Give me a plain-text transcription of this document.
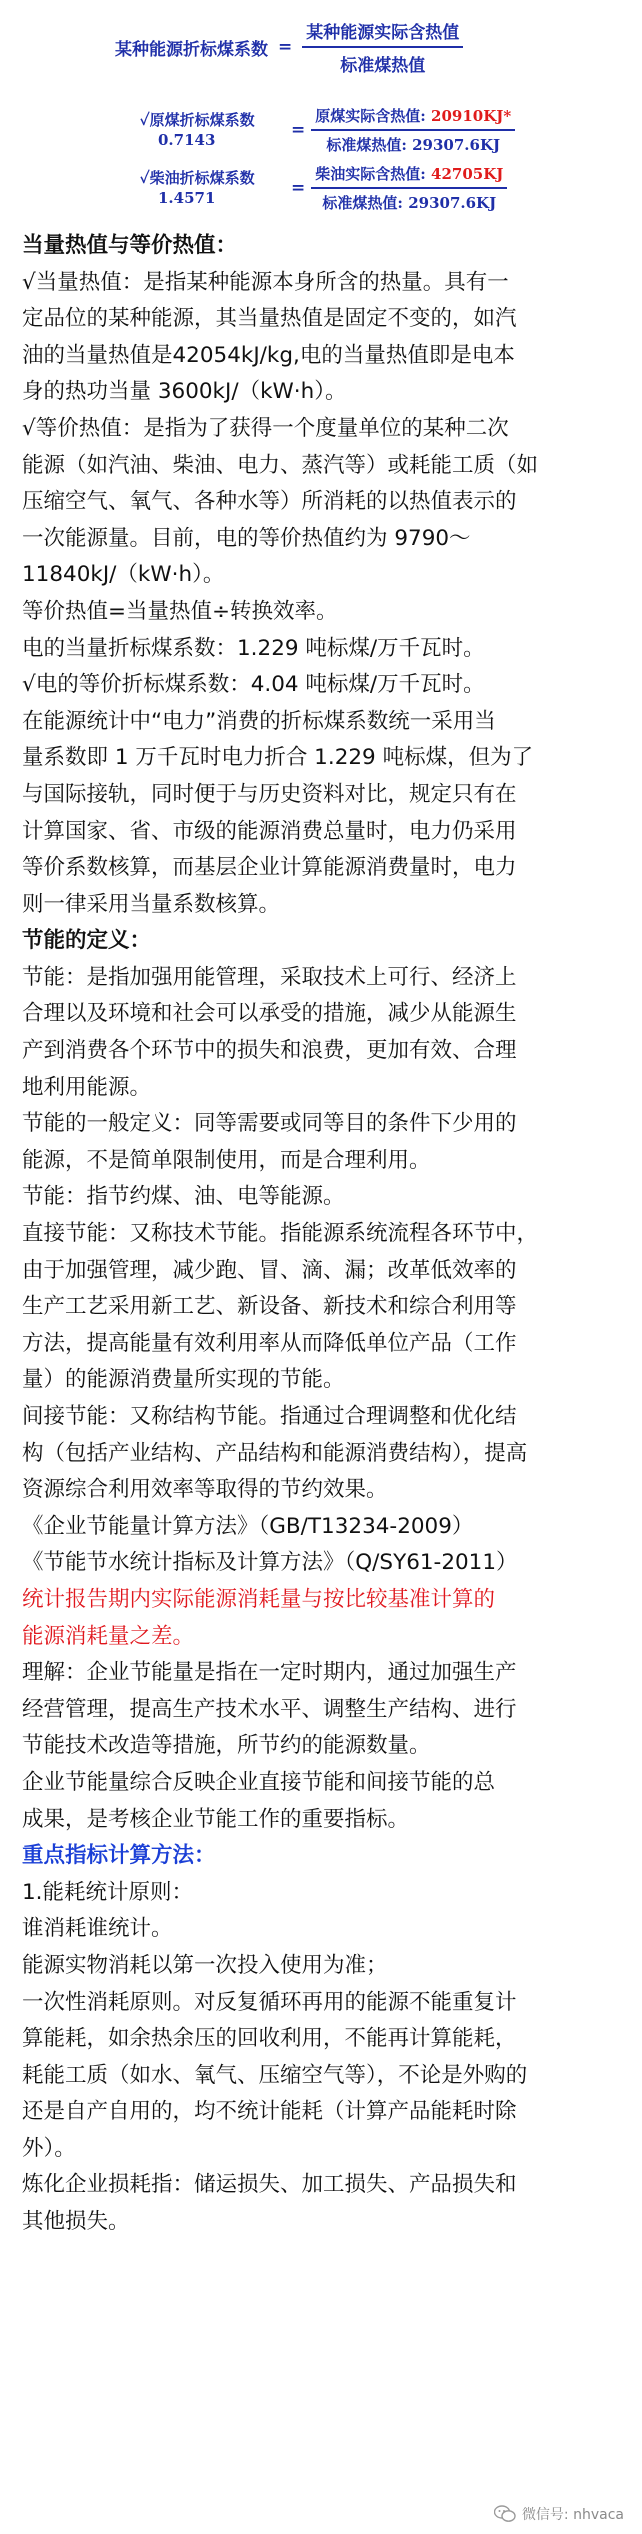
某种能源折标煤系数 = $\frac{\text{某种能源实际含热值}}{\text{标准煤热值}}$
✓原煤折标煤系数
0.7143	= $\frac{\text{原煤实际含热值: 20910KJ*}}{\text{标准煤热值: 29307.6KJ}}$
✓柴油折标煤系数
1.4571	= $\frac{\text{柴油实际含热值: 42705KJ}}{\text{标准煤热值: 29307.6KJ}}$
当量热值与等价热值：
√当量热值：是指某种能源本身所含的热量。具有一
定品位的某种能源，其当量热值是固定不变的，如汽
油的当量热值是42054kJ/kg,电的当量热值即是电本
身的热功当量 3600kJ/（kW·h）。
√等价热值：是指为了获得一个度量单位的某种二次
能源（如汽油、柴油、电力、蒸汽等）或耗能工质（如
压缩空气、氧气、各种水等）所消耗的以热值表示的
一次能源量。目前，电的等价热值约为 9790～
11840kJ/（kW·h）。
等价热值=当量热值÷转换效率。
电的当量折标煤系数：1.229 吨标煤/万千瓦时。
√电的等价折标煤系数：4.04 吨标煤/万千瓦时。
在能源统计中“电力”消费的折标煤系数统一采用当
量系数即 1 万千瓦时电力折合 1.229 吨标煤，但为了
与国际接轨，同时便于与历史资料对比，规定只有在
计算国家、省、市级的能源消费总量时，电力仍采用
等价系数核算，而基层企业计算能源消费量时，电力
则一律采用当量系数核算。
节能的定义：
节能：是指加强用能管理，采取技术上可行、经济上
合理以及环境和社会可以承受的措施，减少从能源生
产到消费各个环节中的损失和浪费，更加有效、合理
地利用能源。
节能的一般定义：同等需要或同等目的条件下少用的
能源，不是简单限制使用，而是合理利用。
节能：指节约煤、油、电等能源。
直接节能：又称技术节能。指能源系统流程各环节中，
由于加强管理，减少跑、冒、滴、漏；改革低效率的
生产工艺采用新工艺、新设备、新技术和综合利用等
方法，提高能量有效利用率从而降低单位产品（工作
量）的能源消费量所实现的节能。
间接节能：又称结构节能。指通过合理调整和优化结
构（包括产业结构、产品结构和能源消费结构），提高
资源综合利用效率等取得的节约效果。
《企业节能量计算方法》（GB/T13234-2009）
《节能节水统计指标及计算方法》（Q/SY61-2011）
统计报告期内实际能源消耗量与按比较基准计算的
能源消耗量之差。
理解：企业节能量是指在一定时期内，通过加强生产
经营管理，提高生产技术水平、调整生产结构、进行
节能技术改造等措施，所节约的能源数量。
企业节能量综合反映企业直接节能和间接节能的总
成果，是考核企业节能工作的重要指标。
重点指标计算方法：
1.能耗统计原则：
谁消耗谁统计。
能源实物消耗以第一次投入使用为准；
一次性消耗原则。对反复循环再用的能源不能重复计
算能耗，如余热余压的回收利用，不能再计算能耗，
耗能工质（如水、氧气、压缩空气等），不论是外购的
还是自产自用的，均不统计能耗（计算产品能耗时除
外）。
炼化企业损耗指：储运损失、加工损失、产品损失和
其他损失。
微信号: nhvaca
